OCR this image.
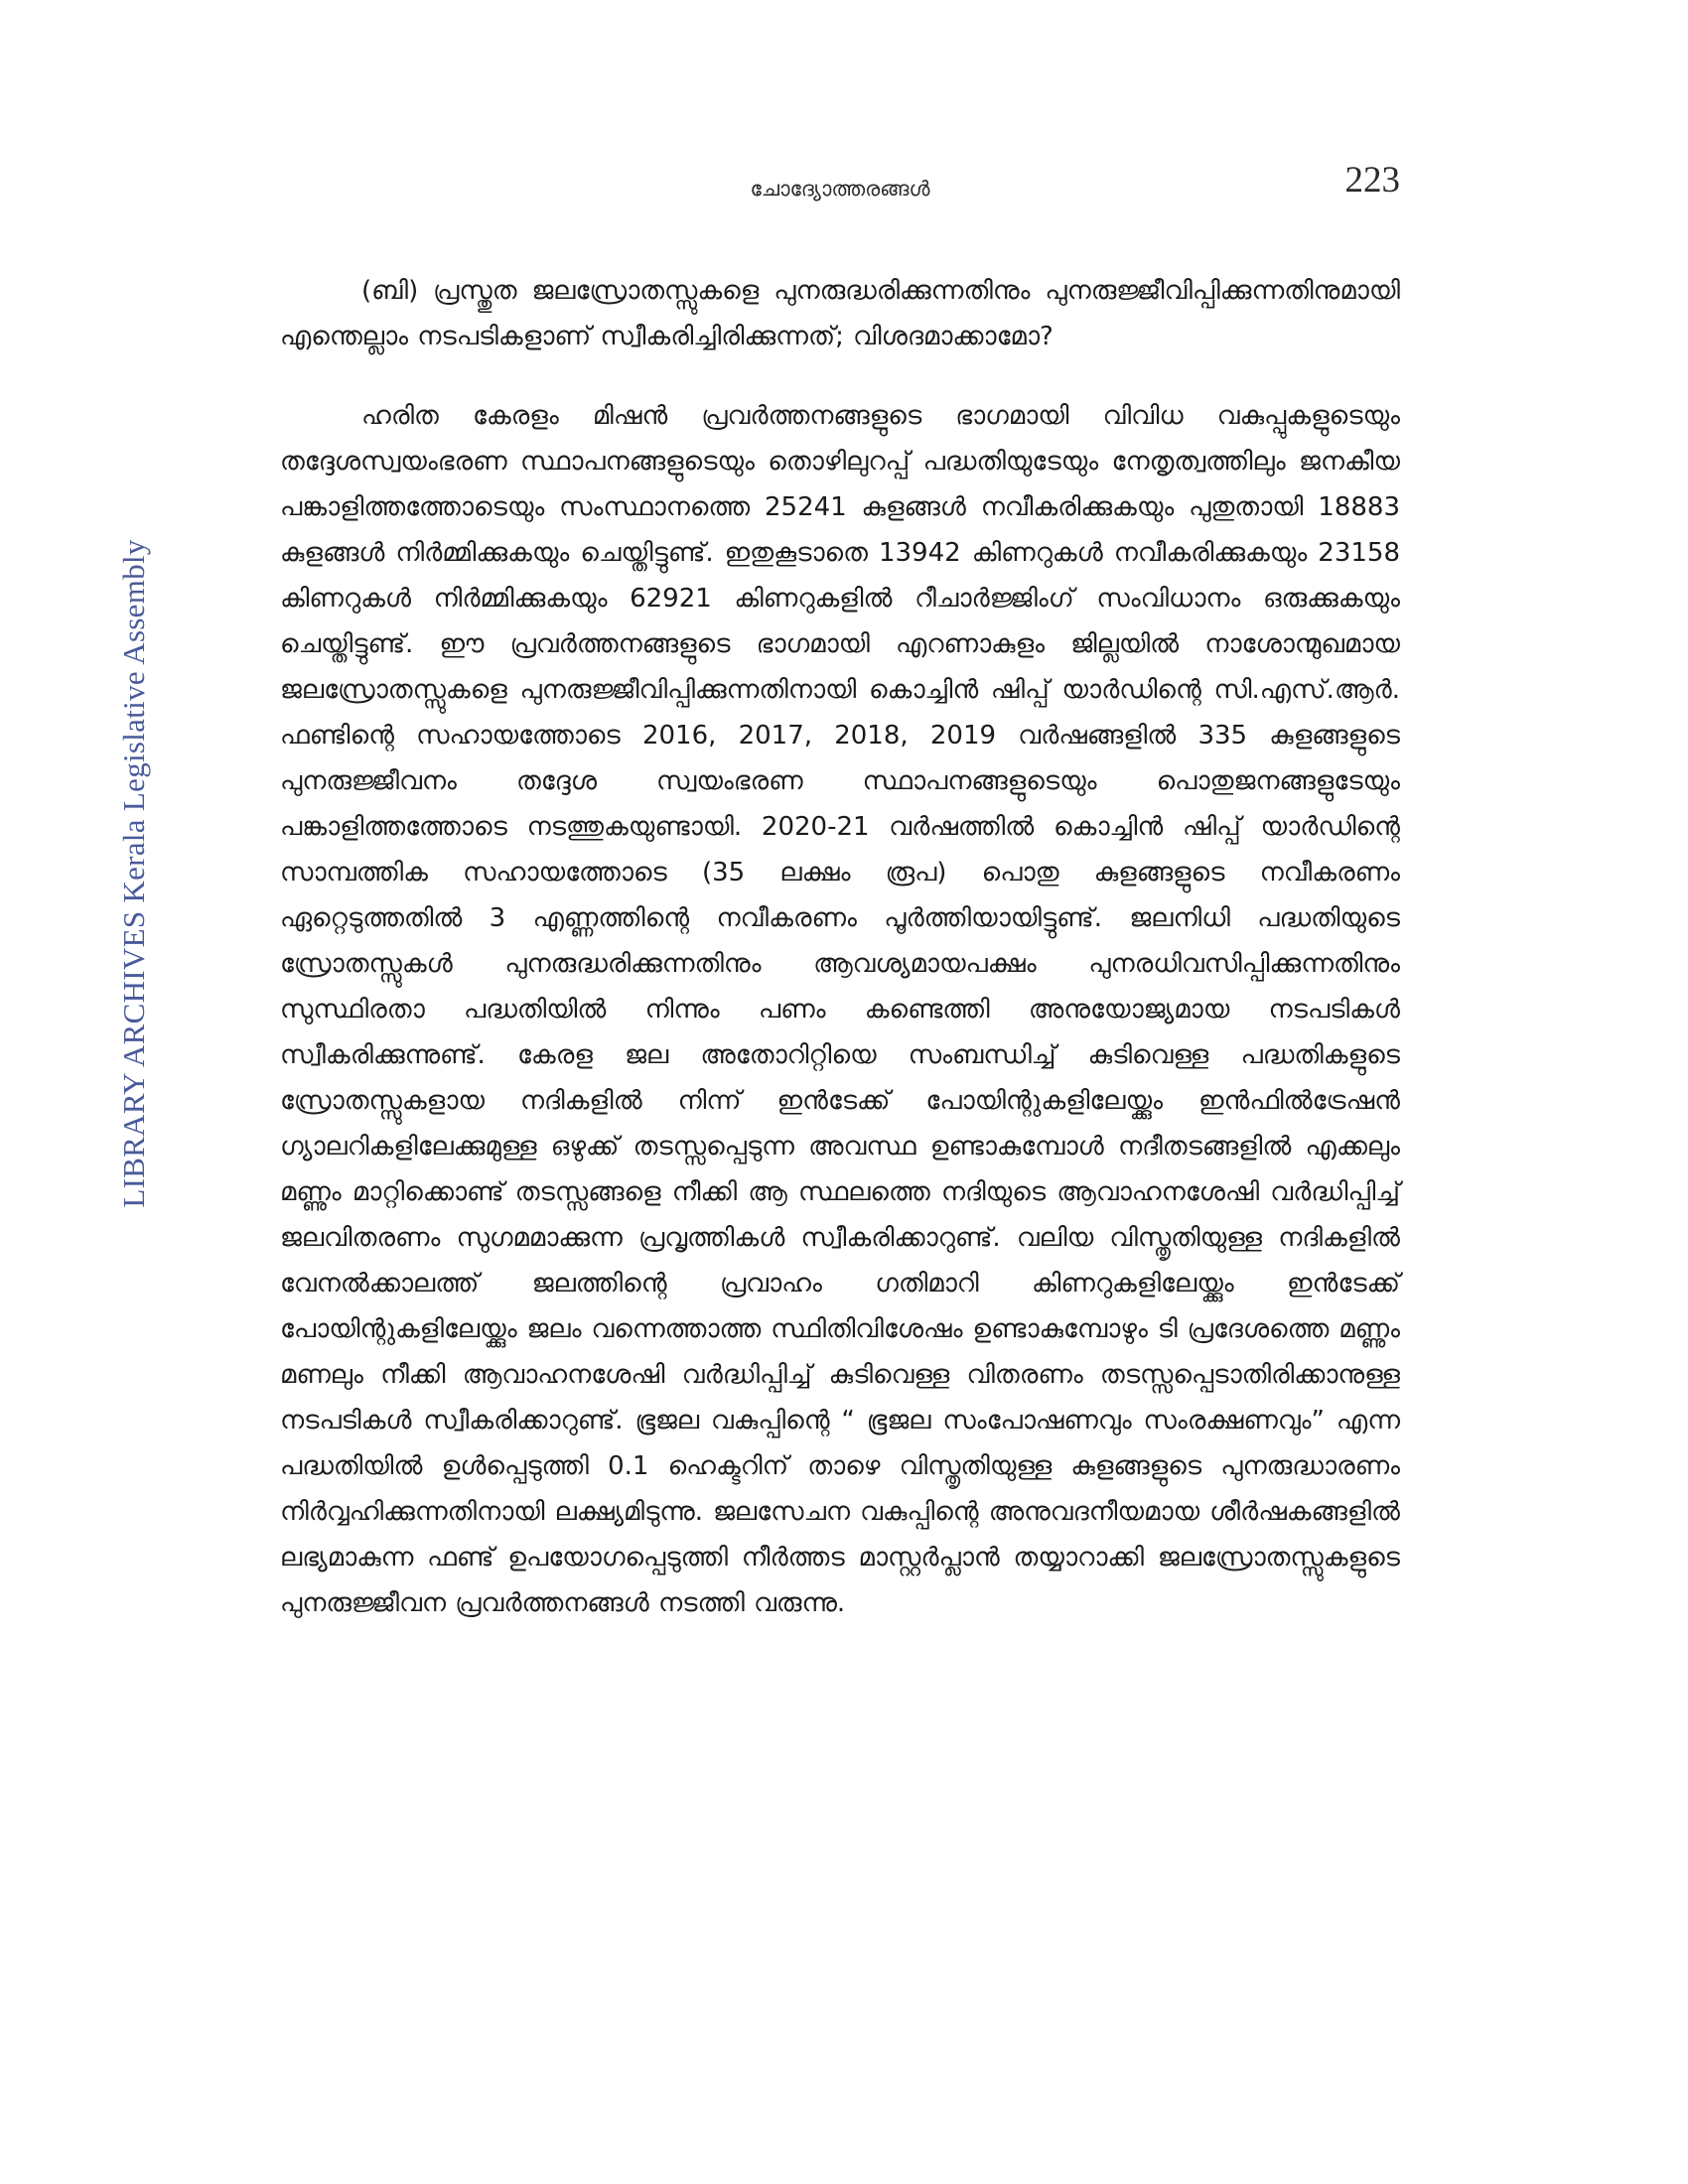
ചോദ്യോത്തരങ്ങൾ	223
LIBRARY ARCHIVES Kerala Legislative Assembly

(ബി) പ്രസ്തുത ജലസ്രോതസ്സുകളെ പുനരുദ്ധരിക്കുന്നതിനും പുനരുജ്ജീവിപ്പിക്കുന്നതിനുമായി എന്തെല്ലാം നടപടികളാണ് സ്വീകരിച്ചിരിക്കുന്നത്; വിശദമാക്കാമോ?

ഹരിത കേരളം മിഷൻ പ്രവർത്തനങ്ങളുടെ ഭാഗമായി വിവിധ വകുപ്പുകളുടെയും തദ്ദേശസ്വയംഭരണ സ്ഥാപനങ്ങളുടെയും തൊഴിലുറപ്പ് പദ്ധതിയുടേയും നേതൃത്വത്തിലും ജനകീയ പങ്കാളിത്തത്തോടെയും സംസ്ഥാനത്തെ 25241 കുളങ്ങൾ നവീകരിക്കുകയും പുതുതായി 18883 കുളങ്ങൾ നിർമ്മിക്കുകയും ചെയ്തിട്ടുണ്ട്. ഇതുകൂടാതെ 13942 കിണറുകൾ നവീകരിക്കുകയും 23158 കിണറുകൾ നിർമ്മിക്കുകയും 62921 കിണറുകളിൽ റീചാർജ്ജിംഗ് സംവിധാനം ഒരുക്കുകയും ചെയ്തിട്ടുണ്ട്. ഈ പ്രവർത്തനങ്ങളുടെ ഭാഗമായി എറണാകുളം ജില്ലയിൽ നാശോന്മുഖമായ ജലസ്രോതസ്സുകളെ പുനരുജ്ജീവിപ്പിക്കുന്നതിനായി കൊച്ചിൻ ഷിപ്പ് യാർഡിന്റെ സി.എസ്.ആർ. ഫണ്ടിന്റെ സഹായത്തോടെ 2016, 2017, 2018, 2019 വർഷങ്ങളിൽ 335 കുളങ്ങളുടെ പുനരുജ്ജീവനം തദ്ദേശ സ്വയംഭരണ സ്ഥാപനങ്ങളുടെയും പൊതുജനങ്ങളുടേയും പങ്കാളിത്തത്തോടെ നടത്തുകയുണ്ടായി. 2020-21 വർഷത്തിൽ കൊച്ചിൻ ഷിപ്പ് യാർഡിന്റെ സാമ്പത്തിക സഹായത്തോടെ (35 ലക്ഷം രൂപ) പൊതു കുളങ്ങളുടെ നവീകരണം ഏറ്റെടുത്തതിൽ 3 എണ്ണത്തിന്റെ നവീകരണം പൂർത്തിയായിട്ടുണ്ട്. ജലനിധി പദ്ധതിയുടെ സ്രോതസ്സുകൾ പുനരുദ്ധരിക്കുന്നതിനും ആവശ്യമായപക്ഷം പുനരധിവസിപ്പിക്കുന്നതിനും സുസ്ഥിരതാ പദ്ധതിയിൽ നിന്നും പണം കണ്ടെത്തി അനുയോജ്യമായ നടപടികൾ സ്വീകരിക്കുന്നുണ്ട്. കേരള ജല അതോറിറ്റിയെ സംബന്ധിച്ച് കുടിവെള്ള പദ്ധതികളുടെ സ്രോതസ്സുകളായ നദികളിൽ നിന്ന് ഇൻടേക്ക് പോയിന്റുകളിലേയ്ക്കും ഇൻഫിൽട്രേഷൻ ഗ്യാലറികളിലേക്കുമുള്ള ഒഴുക്ക് തടസ്സപ്പെടുന്ന അവസ്ഥ ഉണ്ടാകുമ്പോൾ നദീതടങ്ങളിൽ എക്കലും മണ്ണും മാറ്റിക്കൊണ്ട് തടസ്സങ്ങളെ നീക്കി ആ സ്ഥലത്തെ നദിയുടെ ആവാഹനശേഷി വർദ്ധിപ്പിച്ച് ജലവിതരണം സുഗമമാക്കുന്ന പ്രവൃത്തികൾ സ്വീകരിക്കാറുണ്ട്. വലിയ വിസ്തൃതിയുള്ള നദികളിൽ വേനൽക്കാലത്ത് ജലത്തിന്റെ പ്രവാഹം ഗതിമാറി കിണറുകളിലേയ്ക്കും ഇൻടേക്ക് പോയിന്റുകളിലേയ്ക്കും ജലം വന്നെത്താത്ത സ്ഥിതിവിശേഷം ഉണ്ടാകുമ്പോഴും ടി പ്രദേശത്തെ മണ്ണും മണലും നീക്കി ആവാഹനശേഷി വർദ്ധിപ്പിച്ച് കുടിവെള്ള വിതരണം തടസ്സപ്പെടാതിരിക്കാനുള്ള നടപടികൾ സ്വീകരിക്കാറുണ്ട്. ഭൂജല വകുപ്പിന്റെ “ ഭൂജല സംപോഷണവും സംരക്ഷണവും” എന്ന പദ്ധതിയിൽ ഉൾപ്പെടുത്തി 0.1 ഹെക്ടറിന് താഴെ വിസ്തൃതിയുള്ള കുളങ്ങളുടെ പുനരുദ്ധാരണം നിർവ്വഹിക്കുന്നതിനായി ലക്ഷ്യമിടുന്നു. ജലസേചന വകുപ്പിന്റെ അനുവദനീയമായ ശീർഷകങ്ങളിൽ ലഭ്യമാകുന്ന ഫണ്ട് ഉപയോഗപ്പെടുത്തി നീർത്തട മാസ്റ്റർപ്ലാൻ തയ്യാറാക്കി ജലസ്രോതസ്സുകളുടെ പുനരുജ്ജീവന പ്രവർത്തനങ്ങൾ നടത്തി വരുന്നു.
